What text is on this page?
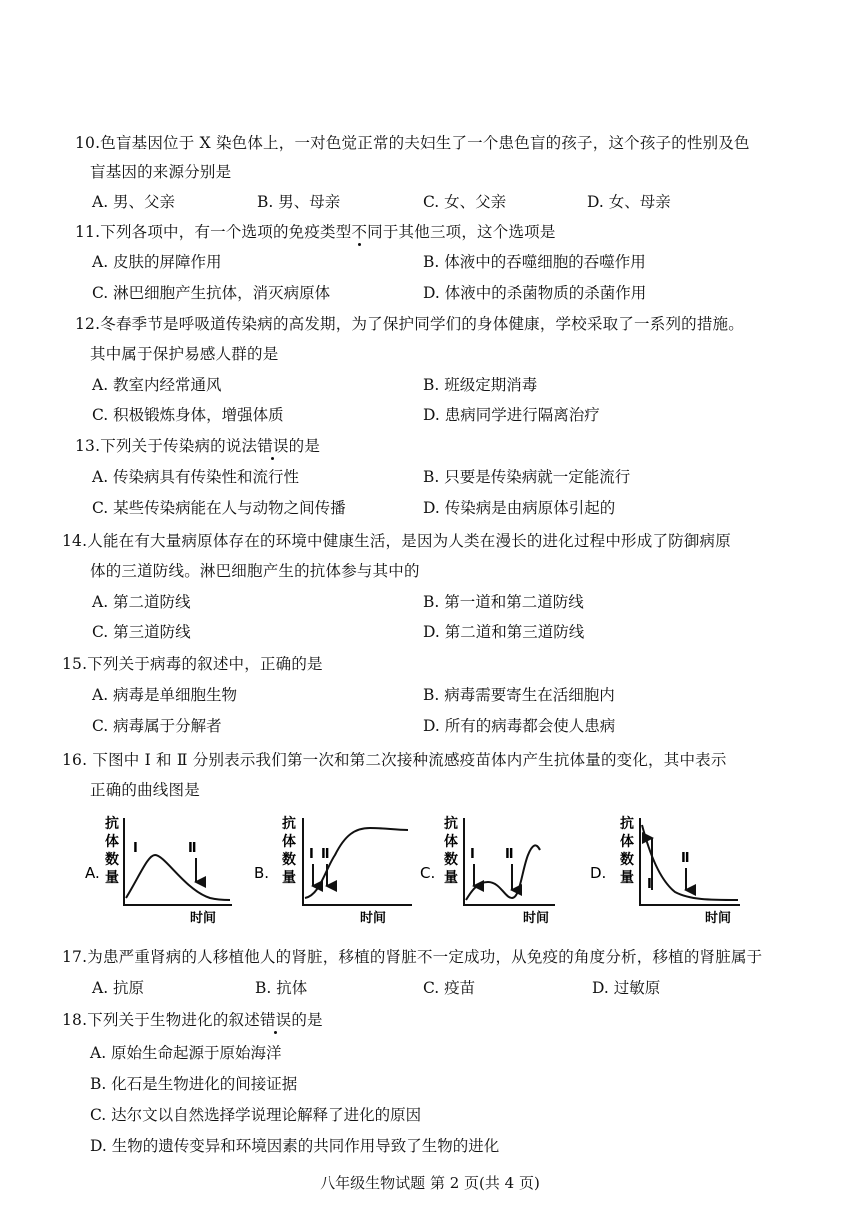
10.色盲基因位于 X 染色体上，一对色觉正常的夫妇生了一个患色盲的孩子，这个孩子的性别及色
盲基因的来源分别是
A. 男、父亲	B. 男、母亲	C. 女、父亲	D. 女、母亲
11.下列各项中，有一个选项的免疫类型不同于其他三项，这个选项是
A. 皮肤的屏障作用	B. 体液中的吞噬细胞的吞噬作用
C. 淋巴细胞产生抗体，消灭病原体	D. 体液中的杀菌物质的杀菌作用
12.冬春季节是呼吸道传染病的高发期，为了保护同学们的身体健康，学校采取了一系列的措施。
其中属于保护易感人群的是
A. 教室内经常通风	B. 班级定期消毒
C. 积极锻炼身体，增强体质	D. 患病同学进行隔离治疗
13.下列关于传染病的说法错误的是
A. 传染病具有传染性和流行性	B. 只要是传染病就一定能流行
C. 某些传染病能在人与动物之间传播	D. 传染病是由病原体引起的
14.人能在有大量病原体存在的环境中健康生活，是因为人类在漫长的进化过程中形成了防御病原
体的三道防线。淋巴细胞产生的抗体参与其中的
A. 第二道防线	B. 第一道和第二道防线
C. 第三道防线	D. 第二道和第三道防线
15.下列关于病毒的叙述中，正确的是
A. 病毒是单细胞生物	B. 病毒需要寄生在活细胞内
C. 病毒属于分解者	D. 所有的病毒都会使人患病
16. 下图中 Ⅰ 和 Ⅱ 分别表示我们第一次和第二次接种流感疫苗体内产生抗体量的变化，其中表示
正确的曲线图是
A.
抗
体
数
量
Ⅰ	Ⅱ
时间
B.
抗
体
数
量
Ⅰ Ⅱ
时间
C.
抗
体
数
量
Ⅰ Ⅱ
时间
D.
抗
体
数
量 Ⅰ
Ⅱ
时间
17.为患严重肾病的人移植他人的肾脏，移植的肾脏不一定成功，从免疫的角度分析，移植的肾脏属于
A. 抗原	B. 抗体	C. 疫苗	D. 过敏原
18.下列关于生物进化的叙述错误的是
A. 原始生命起源于原始海洋
B. 化石是生物进化的间接证据
C. 达尔文以自然选择学说理论解释了进化的原因
D. 生物的遗传变异和环境因素的共同作用导致了生物的进化
八年级生物试题 第 2 页(共 4 页)
